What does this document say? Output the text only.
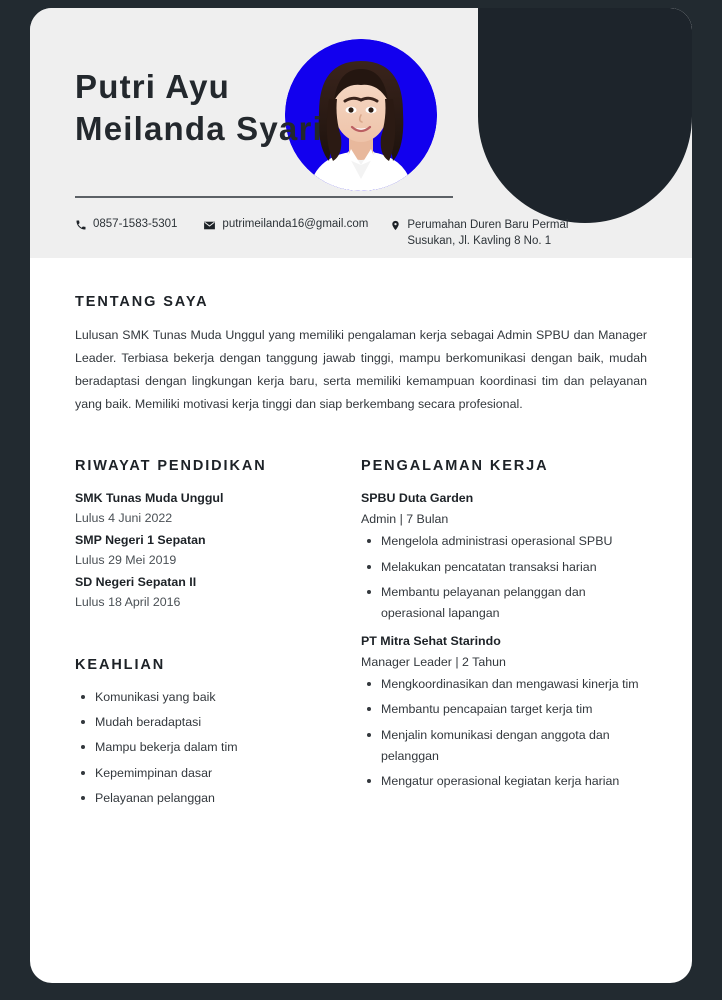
Putri Ayu
Meilanda Syari
0857-1583-5301	putrimeilanda16@gmail.com	Perumahan Duren Baru Permai
Susukan, Jl. Kavling 8 No. 1
TENTANG SAYA
Lulusan SMK Tunas Muda Unggul yang memiliki pengalaman kerja sebagai Admin SPBU dan Manager Leader. Terbiasa bekerja dengan tanggung jawab tinggi, mampu berkomunikasi dengan baik, mudah beradaptasi dengan lingkungan kerja baru, serta memiliki kemampuan koordinasi tim dan pelayanan yang baik. Memiliki motivasi kerja tinggi dan siap berkembang secara profesional.
RIWAYAT PENDIDIKAN
SMK Tunas Muda Unggul
Lulus 4 Juni 2022
SMP Negeri 1 Sepatan
Lulus 29 Mei 2019
SD Negeri Sepatan II
Lulus 18 April 2016
KEAHLIAN
Komunikasi yang baik
Mudah beradaptasi
Mampu bekerja dalam tim
Kepemimpinan dasar
Pelayanan pelanggan
PENGALAMAN KERJA
SPBU Duta Garden
Admin | 7 Bulan
Mengelola administrasi operasional SPBU
Melakukan pencatatan transaksi harian
Membantu pelayanan pelanggan dan operasional lapangan
PT Mitra Sehat Starindo
Manager Leader | 2 Tahun
Mengkoordinasikan dan mengawasi kinerja tim
Membantu pencapaian target kerja tim
Menjalin komunikasi dengan anggota dan pelanggan
Mengatur operasional kegiatan kerja harian
